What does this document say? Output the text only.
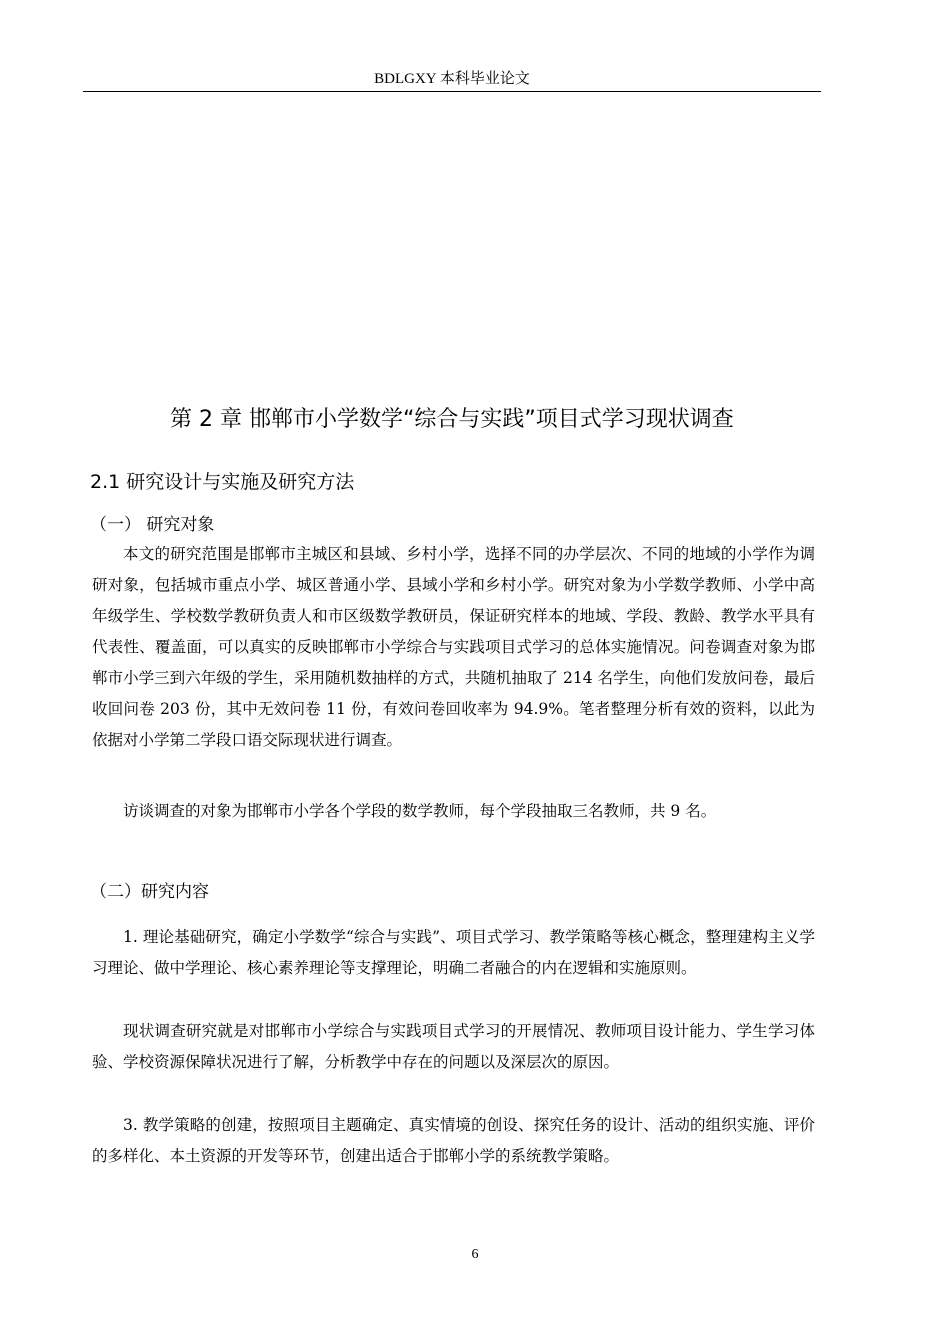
BDLGXY 本科毕业论文
第 2 章 邯郸市小学数学“综合与实践”项目式学习现状调查
2.1 研究设计与实施及研究方法
（一） 研究对象

本文的研究范围是邯郸市主城区和县域、乡村小学，选择不同的办学层次、不同的地域的小学作为调研对象，包括城市重点小学、城区普通小学、县域小学和乡村小学。研究对象为小学数学教师、小学中高年级学生、学校数学教研负责人和市区级数学教研员，保证研究样本的地域、学段、教龄、教学水平具有代表性、覆盖面，可以真实的反映邯郸市小学综合与实践项目式学习的总体实施情况。问卷调查对象为邯郸市小学三到六年级的学生，采用随机数抽样的方式，共随机抽取了 214 名学生，向他们发放问卷，最后收回问卷 203 份，其中无效问卷 11 份，有效问卷回收率为 94.9%。笔者整理分析有效的资料，以此为依据对小学第二学段口语交际现状进行调查。

访谈调查的对象为邯郸市小学各个学段的数学教师，每个学段抽取三名教师，共 9 名。

（二）研究内容

1. 理论基础研究，确定小学数学“综合与实践”、项目式学习、教学策略等核心概念，整理建构主义学习理论、做中学理论、核心素养理论等支撑理论，明确二者融合的内在逻辑和实施原则。

现状调查研究就是对邯郸市小学综合与实践项目式学习的开展情况、教师项目设计能力、学生学习体验、学校资源保障状况进行了解，分析教学中存在的问题以及深层次的原因。

3. 教学策略的创建，按照项目主题确定、真实情境的创设、探究任务的设计、活动的组织实施、评价的多样化、本土资源的开发等环节，创建出适合于邯郸小学的系统教学策略。

6
